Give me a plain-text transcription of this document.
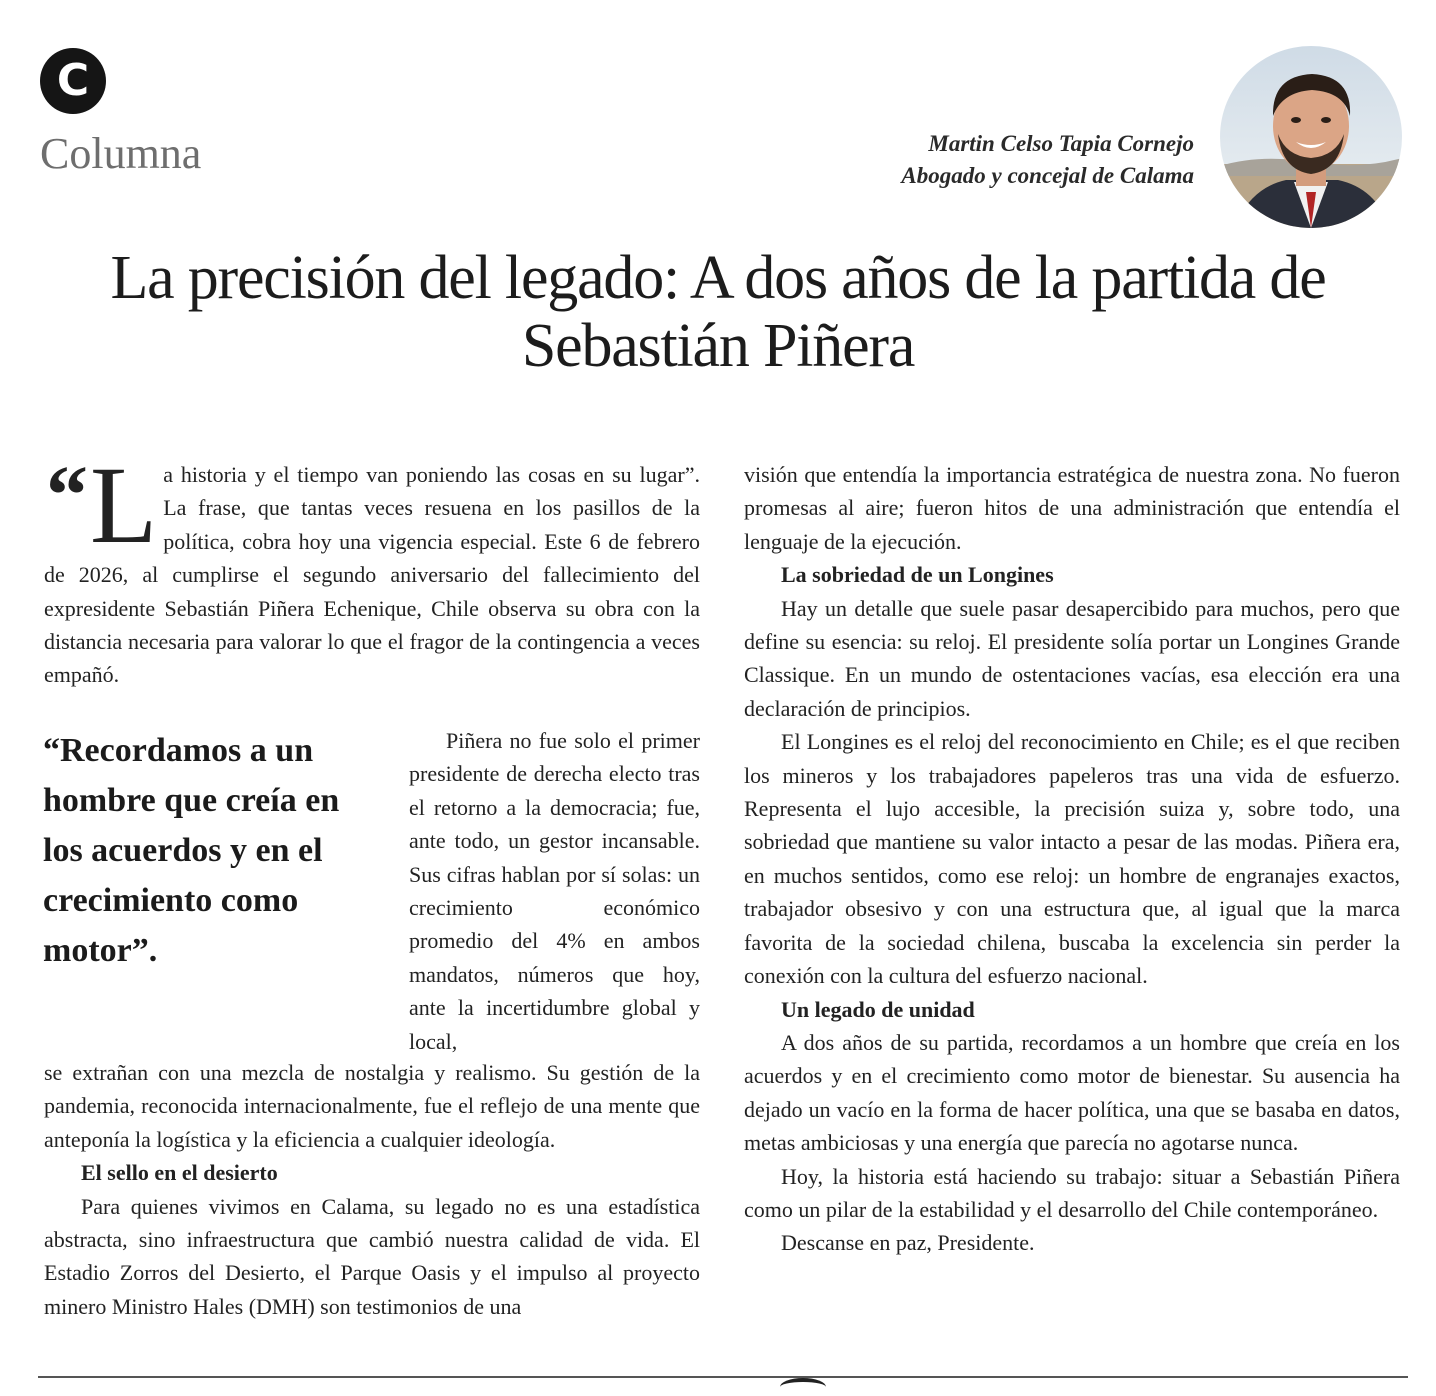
C
Columna	Martin Celso Tapia Cornejo
Abogado y concejal de Calama
La precisión del legado: A dos años de la partida de Sebastián Piñera

“ L a historia y el tiempo van poniendo las cosas en su lugar”. La frase, que tantas veces resuena en los pasillos de la política, cobra hoy una vigencia especial. Este 6 de febrero de 2026, al cumplirse el segundo aniversario del fallecimiento del expresidente Sebastián Piñera Echenique, Chile observa su obra con la distancia necesaria para valorar lo que el fragor de la contingencia a veces empañó.

“Recordamos a un hombre que creía en los acuerdos y en el crecimiento como motor”.

Piñera no fue solo el primer presidente de derecha electo tras el retorno a la democracia; fue, ante todo, un gestor incansable. Sus cifras hablan por sí solas: un crecimiento económico promedio del 4% en ambos mandatos, números que hoy, ante la incertidumbre global y local,

se extrañan con una mezcla de nostalgia y realismo. Su gestión de la pandemia, reconocida internacionalmente, fue el reflejo de una mente que anteponía la logística y la eficiencia a cualquier ideología.

El sello en el desierto

Para quienes vivimos en Calama, su legado no es una estadística abstracta, sino infraestructura que cambió nuestra calidad de vida. El Estadio Zorros del Desierto, el Parque Oasis y el impulso al proyecto minero Ministro Hales (DMH) son testimonios de una

visión que entendía la importancia estratégica de nuestra zona. No fueron promesas al aire; fueron hitos de una administración que entendía el lenguaje de la ejecución.

La sobriedad de un Longines

Hay un detalle que suele pasar desapercibido para muchos, pero que define su esencia: su reloj. El presidente solía portar un Longines Grande Classique. En un mundo de ostentaciones vacías, esa elección era una declaración de principios.

El Longines es el reloj del reconocimiento en Chile; es el que reciben los mineros y los trabajadores papeleros tras una vida de esfuerzo. Representa el lujo accesible, la precisión suiza y, sobre todo, una sobriedad que mantiene su valor intacto a pesar de las modas. Piñera era, en muchos sentidos, como ese reloj: un hombre de engranajes exactos, trabajador obsesivo y con una estructura que, al igual que la marca favorita de la sociedad chilena, buscaba la excelencia sin perder la conexión con la cultura del esfuerzo nacional.

Un legado de unidad

A dos años de su partida, recordamos a un hombre que creía en los acuerdos y en el crecimiento como motor de bienestar. Su ausencia ha dejado un vacío en la forma de hacer política, una que se basaba en datos, metas ambiciosas y una energía que parecía no agotarse nunca.

Hoy, la historia está haciendo su trabajo: situar a Sebastián Piñera como un pilar de la estabilidad y el desarrollo del Chile contemporáneo.

Descanse en paz, Presidente.
